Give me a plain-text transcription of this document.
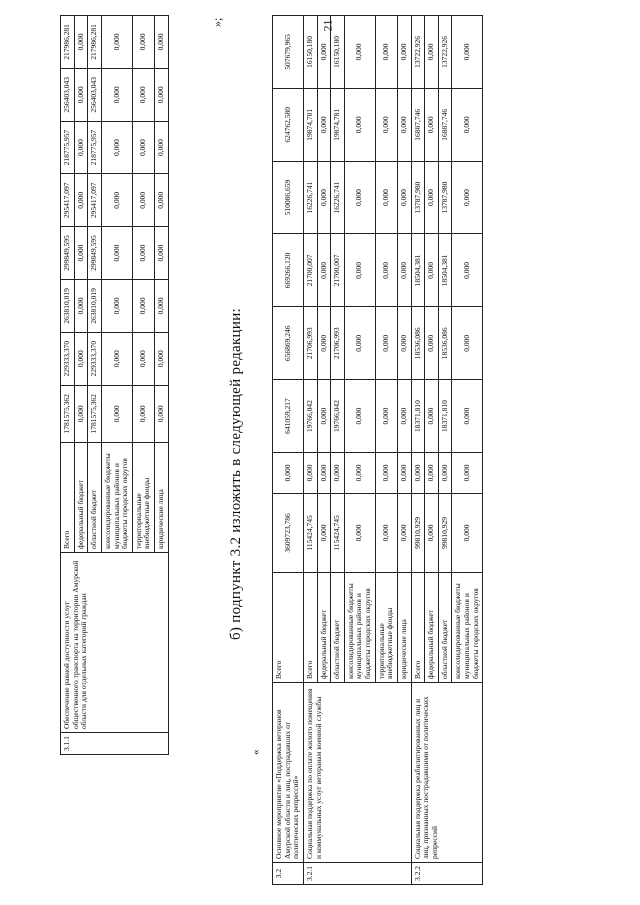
21
3.1.1	Обеспечение равной доступности услуг общественного транспорта на территории Амурской области для отдельных категорий граждан	Всего	1781575,362	229333,370	263810,019	299849,595	295417,097	218775,957	256403,043	217986,281
		федеральный бюджет	0,000	0,000	0,000	0,000	0,000	0,000	0,000	0,000
		областной бюджет	1781575,362	229333,370	263810,019	299849,595	295417,097	218775,957	256403,043	217986,281
		консолидированные бюджеты муниципальных районов и бюджеты городских округов	0,000	0,000	0,000	0,000	0,000	0,000	0,000	0,000
		территориальные внебюджетные фонды	0,000	0,000	0,000	0,000	0,000	0,000	0,000	0,000
		юридические лица	0,000	0,000	0,000	0,000	0,000	0,000	0,000	0,000
»;
б) подпункт 3.2 изложить в следующей редакции:
«
3.2	Основное мероприятие «Поддержка ветеранов Амурской области и лиц, пострадавших от политических репрессий»	Всего	3609723,786	0,000	641059,217	656869,246	669266,120	510086,659	624762,580	507679,965
3.2.1	Социальная поддержка по оплате жилого помещения и коммунальных услуг ветеранам военной службы	Всего	115424,745	0,000	19766,042	21706,993	21700,007	16226,741	19874,781	16150,180
		федеральный бюджет	0,000	0,000	0,000	0,000	0,000	0,000	0,000	0,000
		областной бюджет	115424,745	0,000	19766,042	21706,993	21700,007	16226,741	19874,781	16150,180
		консолидированные бюджеты муниципальных районов и бюджеты городских округов	0,000	0,000	0,000	0,000	0,000	0,000	0,000	0,000
		территориальные внебюджетные фонды	0,000	0,000	0,000	0,000	0,000	0,000	0,000	0,000
		юридические лица	0,000	0,000	0,000	0,000	0,000	0,000	0,000	0,000
3.2.2	Социальная поддержка реабилитированных лиц и лиц, признанных пострадавшими от политических репрессий	Всего	99810,929	0,000	18371,810	18536,086	18504,381	13787,980	16887,746	13722,926
		федеральный бюджет	0,000	0,000	0,000	0,000	0,000	0,000	0,000	0,000
		областной бюджет	99810,929	0,000	18371,810	18536,086	18504,381	13787,980	16887,746	13722,926
		консолидированные бюджеты муниципальных районов и бюджеты городских округов	0,000	0,000	0,000	0,000	0,000	0,000	0,000	0,000
